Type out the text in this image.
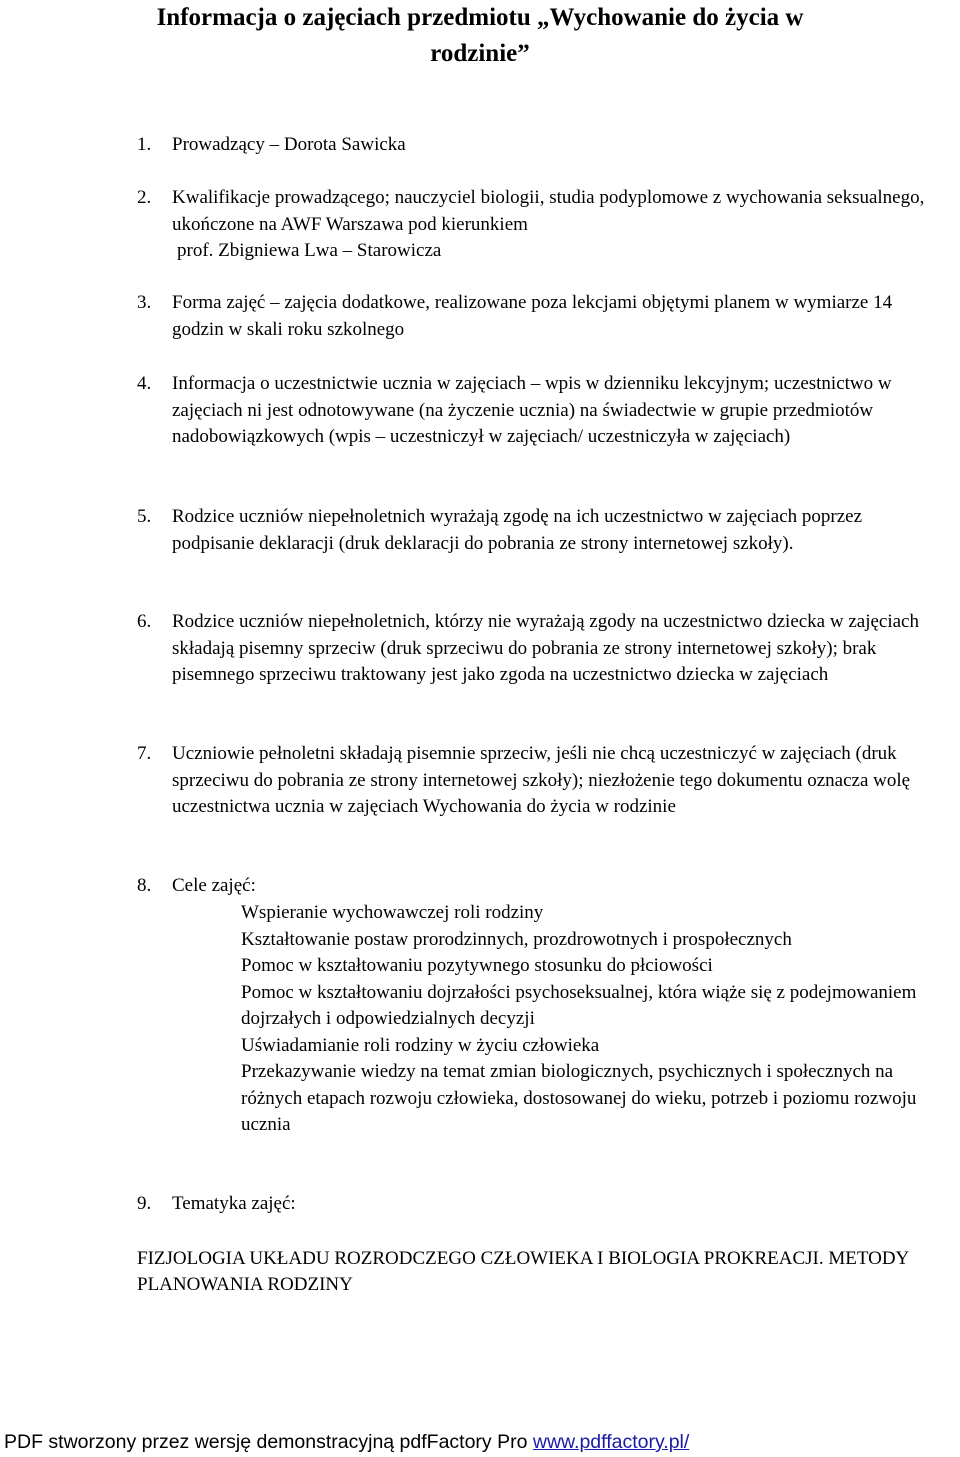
Informacja o zajęciach przedmiotu „Wychowanie do życia w
rodzinie”
1.	Prowadzący – Dorota Sawicka
2.	Kwalifikacje prowadzącego; nauczyciel biologii, studia podyplomowe z wychowania seksualnego, ukończone na AWF Warszawa pod kierunkiem
prof. Zbigniewa Lwa – Starowicza
3.	Forma zajęć – zajęcia dodatkowe, realizowane poza lekcjami objętymi planem w wymiarze 14 godzin w skali roku szkolnego
4.	Informacja o uczestnictwie ucznia w zajęciach – wpis w dzienniku lekcyjnym; uczestnictwo w zajęciach ni jest odnotowywane (na życzenie ucznia) na świadectwie w grupie przedmiotów nadobowiązkowych (wpis – uczestniczył w zajęciach/ uczestniczyła w zajęciach)
5.	Rodzice uczniów niepełnoletnich wyrażają zgodę na ich uczestnictwo w zajęciach poprzez podpisanie deklaracji (druk deklaracji do pobrania ze strony internetowej szkoły).
6.	Rodzice uczniów niepełnoletnich, którzy nie wyrażają zgody na uczestnictwo dziecka w zajęciach składają pisemny sprzeciw (druk sprzeciwu do pobrania ze strony internetowej szkoły); brak pisemnego sprzeciwu traktowany jest jako zgoda na uczestnictwo dziecka w zajęciach
7.	Uczniowie pełnoletni składają pisemnie sprzeciw, jeśli nie chcą uczestniczyć w zajęciach (druk sprzeciwu do pobrania ze strony internetowej szkoły); niezłożenie tego dokumentu oznacza wolę uczestnictwa ucznia w zajęciach Wychowania do życia w rodzinie
8.	Cele zajęć:
Wspieranie wychowawczej roli rodziny
Kształtowanie postaw prorodzinnych, prozdrowotnych i prospołecznych
Pomoc w kształtowaniu pozytywnego stosunku do płciowości
Pomoc w kształtowaniu dojrzałości psychoseksualnej, która wiąże się z podejmowaniem dojrzałych i odpowiedzialnych decyzji
Uświadamianie roli rodziny w życiu człowieka
Przekazywanie wiedzy na temat zmian biologicznych, psychicznych i społecznych na różnych etapach rozwoju człowieka, dostosowanej do wieku, potrzeb i poziomu rozwoju ucznia
9.	Tematyka zajęć:
FIZJOLOGIA UKŁADU ROZRODCZEGO CZŁOWIEKA I BIOLOGIA PROKREACJI. METODY PLANOWANIA RODZINY
PDF stworzony przez wersję demonstracyjną pdfFactory Pro www.pdffactory.pl/
